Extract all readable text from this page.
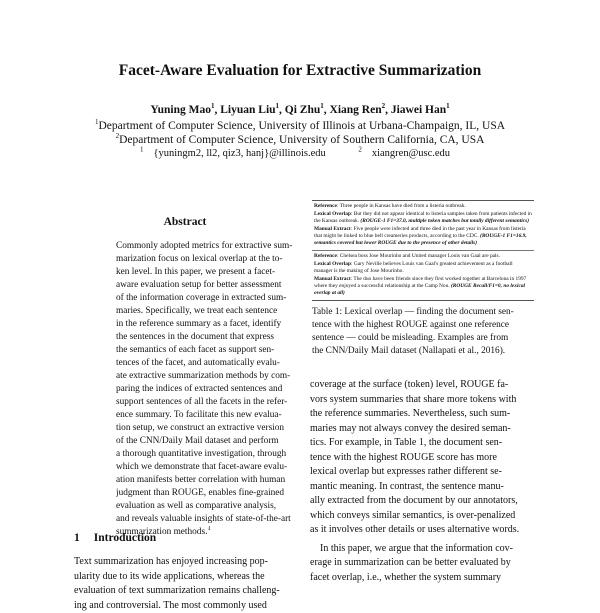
Facet-Aware Evaluation for Extractive Summarization
Yuning Mao$^1$, Liyuan Liu$^1$, Qi Zhu$^1$, Xiang Ren$^2$, Jiawei Han$^1$
$^1$Department of Computer Science, University of Illinois at Urbana-Champaign, IL, USA
$^2$Department of Computer Science, University of Southern California, CA, USA
$^1$ {yuningm2, ll2, qiz3, hanj}@illinois.edu	$^2$ xiangren@usc.edu
Abstract
Commonly adopted metrics for extractive sum-
marization focus on lexical overlap at the to-
ken level. In this paper, we present a facet-
aware evaluation setup for better assessment
of the information coverage in extracted sum-
maries. Specifically, we treat each sentence
in the reference summary as a facet, identify
the sentences in the document that express
the semantics of each facet as support sen-
tences of the facet, and automatically evalu-
ate extractive summarization methods by com-
paring the indices of extracted sentences and
support sentences of all the facets in the refer-
ence summary. To facilitate this new evalua-
tion setup, we construct an extractive version
of the CNN/Daily Mail dataset and perform
a thorough quantitative investigation, through
which we demonstrate that facet-aware evalu-
ation manifests better correlation with human
judgment than ROUGE, enables fine-grained
evaluation as well as comparative analysis,
and reveals valuable insights of state-of-the-art
summarization methods.$^1$
1 Introduction
Text summarization has enjoyed increasing pop-
ularity due to its wide applications, whereas the
evaluation of text summarization remains challeng-
ing and controversial. The most commonly used

Reference: Three people in Kansas have died from a listeria outbreak.

Lexical Overlap: But they did not appear identical to listeria samples taken from patients infected in the Kansas outbreak. (ROUGE-1 F1=37.0, multiple token matches but totally different semantics)

Manual Extract: Five people were infected and three died in the past year in Kansas from listeria that might be linked to blue bell creameries products, according to the CDC. (ROUGE-1 F1=16.9, semantics covered but lower ROUGE due to the presence of other details)

Reference: Chelsea boss Jose Mourinho and United manager Louis van Gaal are pals.

Lexical Overlap: Gary Neville believes Louis van Gaal's greatest achievement as a football manager is the making of Jose Mourinho.

Manual Extract: The duo have been friends since they first worked together at Barcelona in 1997 where they enjoyed a successful relationship at the Camp Nou. (ROUGE Recall/F1=0, no lexical overlap at all)

Table 1: Lexical overlap — finding the document sen-
tence with the highest ROUGE against one reference
sentence — could be misleading. Examples are from
the CNN/Daily Mail dataset (Nallapati et al., 2016).
coverage at the surface (token) level, ROUGE fa-
vors system summaries that share more tokens with
the reference summaries. Nevertheless, such sum-
maries may not always convey the desired seman-
tics. For example, in Table 1, the document sen-
tence with the highest ROUGE score has more
lexical overlap but expresses rather different se-
mantic meaning. In contrast, the sentence manu-
ally extracted from the document by our annotators,
which conveys similar semantics, is over-penalized
as it involves other details or uses alternative words.
In this paper, we argue that the information cov-
erage in summarization can be better evaluated by
facet overlap, i.e., whether the system summary
